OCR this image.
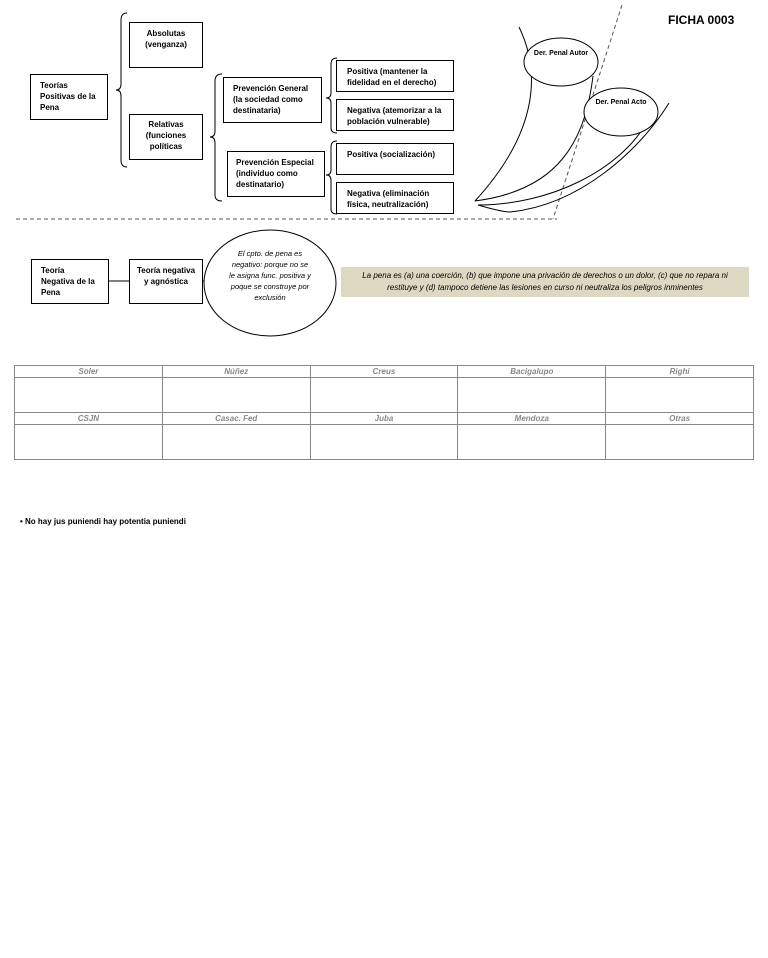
FICHA 0003
Der. Penal Autor
Der. Penal Acto
Teorías Positivas de la Pena
Absolutas (venganza)
Relativas (funciones políticas
Prevención General (la sociedad como destinataria)
Prevención Especial (individuo como destinatario)
Positiva (mantener la fidelidad en el derecho)
Negativa (atemorizar a la población vulnerable)
Positiva (socialización)
Negativa (eliminación física, neutralización)
Teoría Negativa de la Pena
Teoría negativa y agnóstica
El cpto. de pena es negativo: porque no se le asigna func. positiva y poque se construye por exclusión
La pena es (a) una coerción, (b) que impone una privación de derechos o un dolor, (c) que no repara ni restituye y (d) tampoco detiene las lesiones en curso ni neutraliza los peligros inminentes
Soler	Núñez	Creus	Bacigalupo	Righi

CSJN	Casac. Fed	Juba	Mendoza	Otras

• No hay jus puniendi hay potentia puniendi
